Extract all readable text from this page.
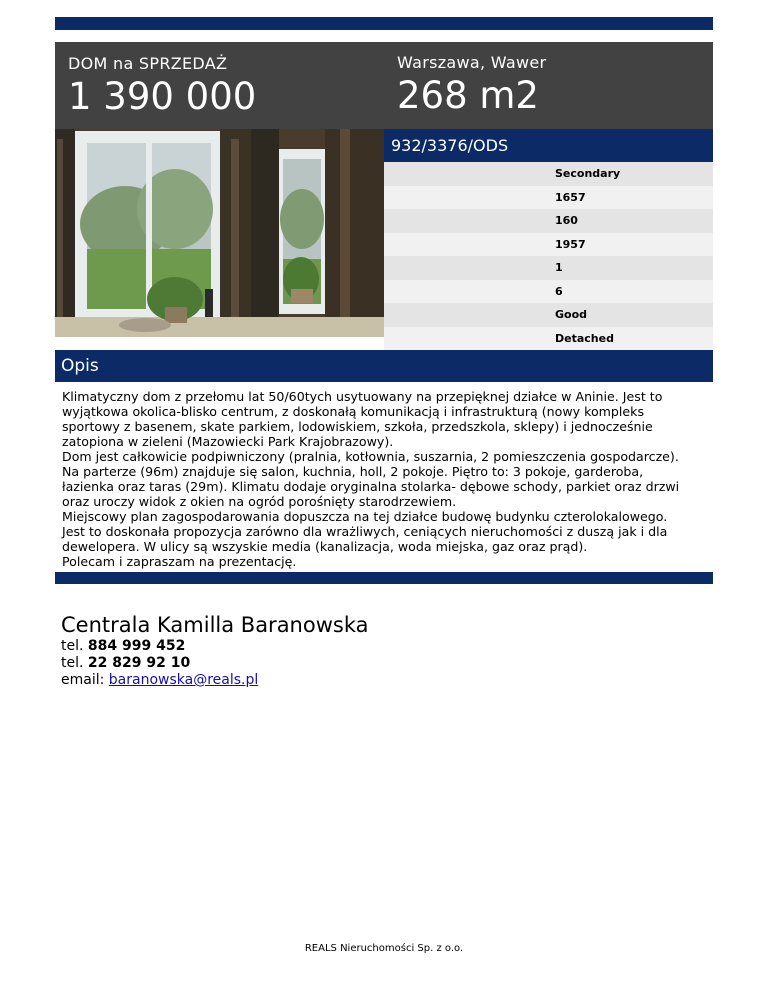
DOM na SPRZEDAŻ
1 390 000
Warszawa, Wawer
268 m2
932/3376/ODS
Secondary
1657
160
1957
1
6
Good
Detached
Opis

Klimatyczny dom z przełomu lat 50/60tych usytuowany na przepięknej działce w Aninie. Jest to

wyjątkowa okolica-blisko centrum, z doskonałą komunikacją i infrastrukturą (nowy kompleks

sportowy z basenem, skate parkiem, lodowiskiem, szkoła, przedszkola, sklepy) i jednocześnie

zatopiona w zieleni (Mazowiecki Park Krajobrazowy).

Dom jest całkowicie podpiwniczony (pralnia, kotłownia, suszarnia, 2 pomieszczenia gospodarcze).

Na parterze (96m) znajduje się salon, kuchnia, holl, 2 pokoje. Piętro to: 3 pokoje, garderoba,

łazienka oraz taras (29m). Klimatu dodaje oryginalna stolarka- dębowe schody, parkiet oraz drzwi

oraz uroczy widok z okien na ogród porośnięty starodrzewiem.

Miejscowy plan zagospodarowania dopuszcza na tej działce budowę budynku czterolokalowego.

Jest to doskonała propozycja zarówno dla wrażliwych, ceniących nieruchomości z duszą jak i dla

dewelopera. W ulicy są wszyskie media (kanalizacja, woda miejska, gaz oraz prąd).

Polecam i zapraszam na prezentację.

Centrala Kamilla Baranowska
tel. 884 999 452
tel. 22 829 92 10
email: baranowska@reals.pl
REALS Nieruchomości Sp. z o.o.
